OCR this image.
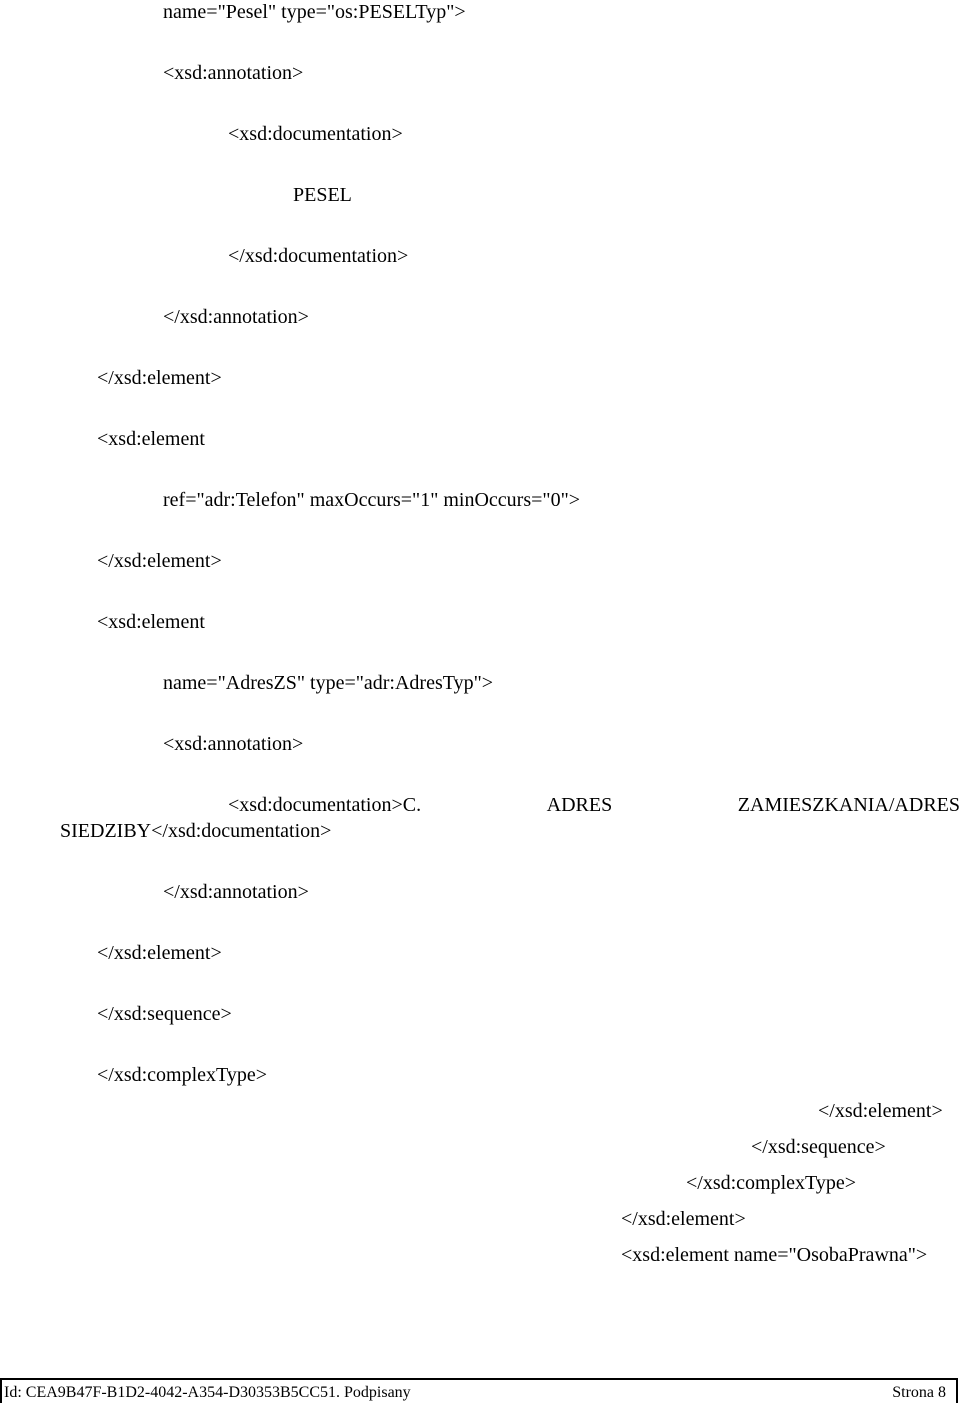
name="Pesel" type="os:PESELTyp">
<xsd:annotation>
<xsd:documentation>
PESEL
</xsd:documentation>
</xsd:annotation>
</xsd:element>
<xsd:element
ref="adr:Telefon" maxOccurs="1" minOccurs="0">
</xsd:element>
<xsd:element
name="AdresZS" type="adr:AdresTyp">
<xsd:annotation>
<xsd:documentation>C.	ADRES	ZAMIESZKANIA/ADRES
SIEDZIBY</xsd:documentation>
</xsd:annotation>
</xsd:element>
</xsd:sequence>
</xsd:complexType>
</xsd:element>
</xsd:sequence>
</xsd:complexType>
</xsd:element>
<xsd:element name="OsobaPrawna">
Id: CEA9B47F-B1D2-4042-A354-D30353B5CC51. Podpisany	Strona 8
